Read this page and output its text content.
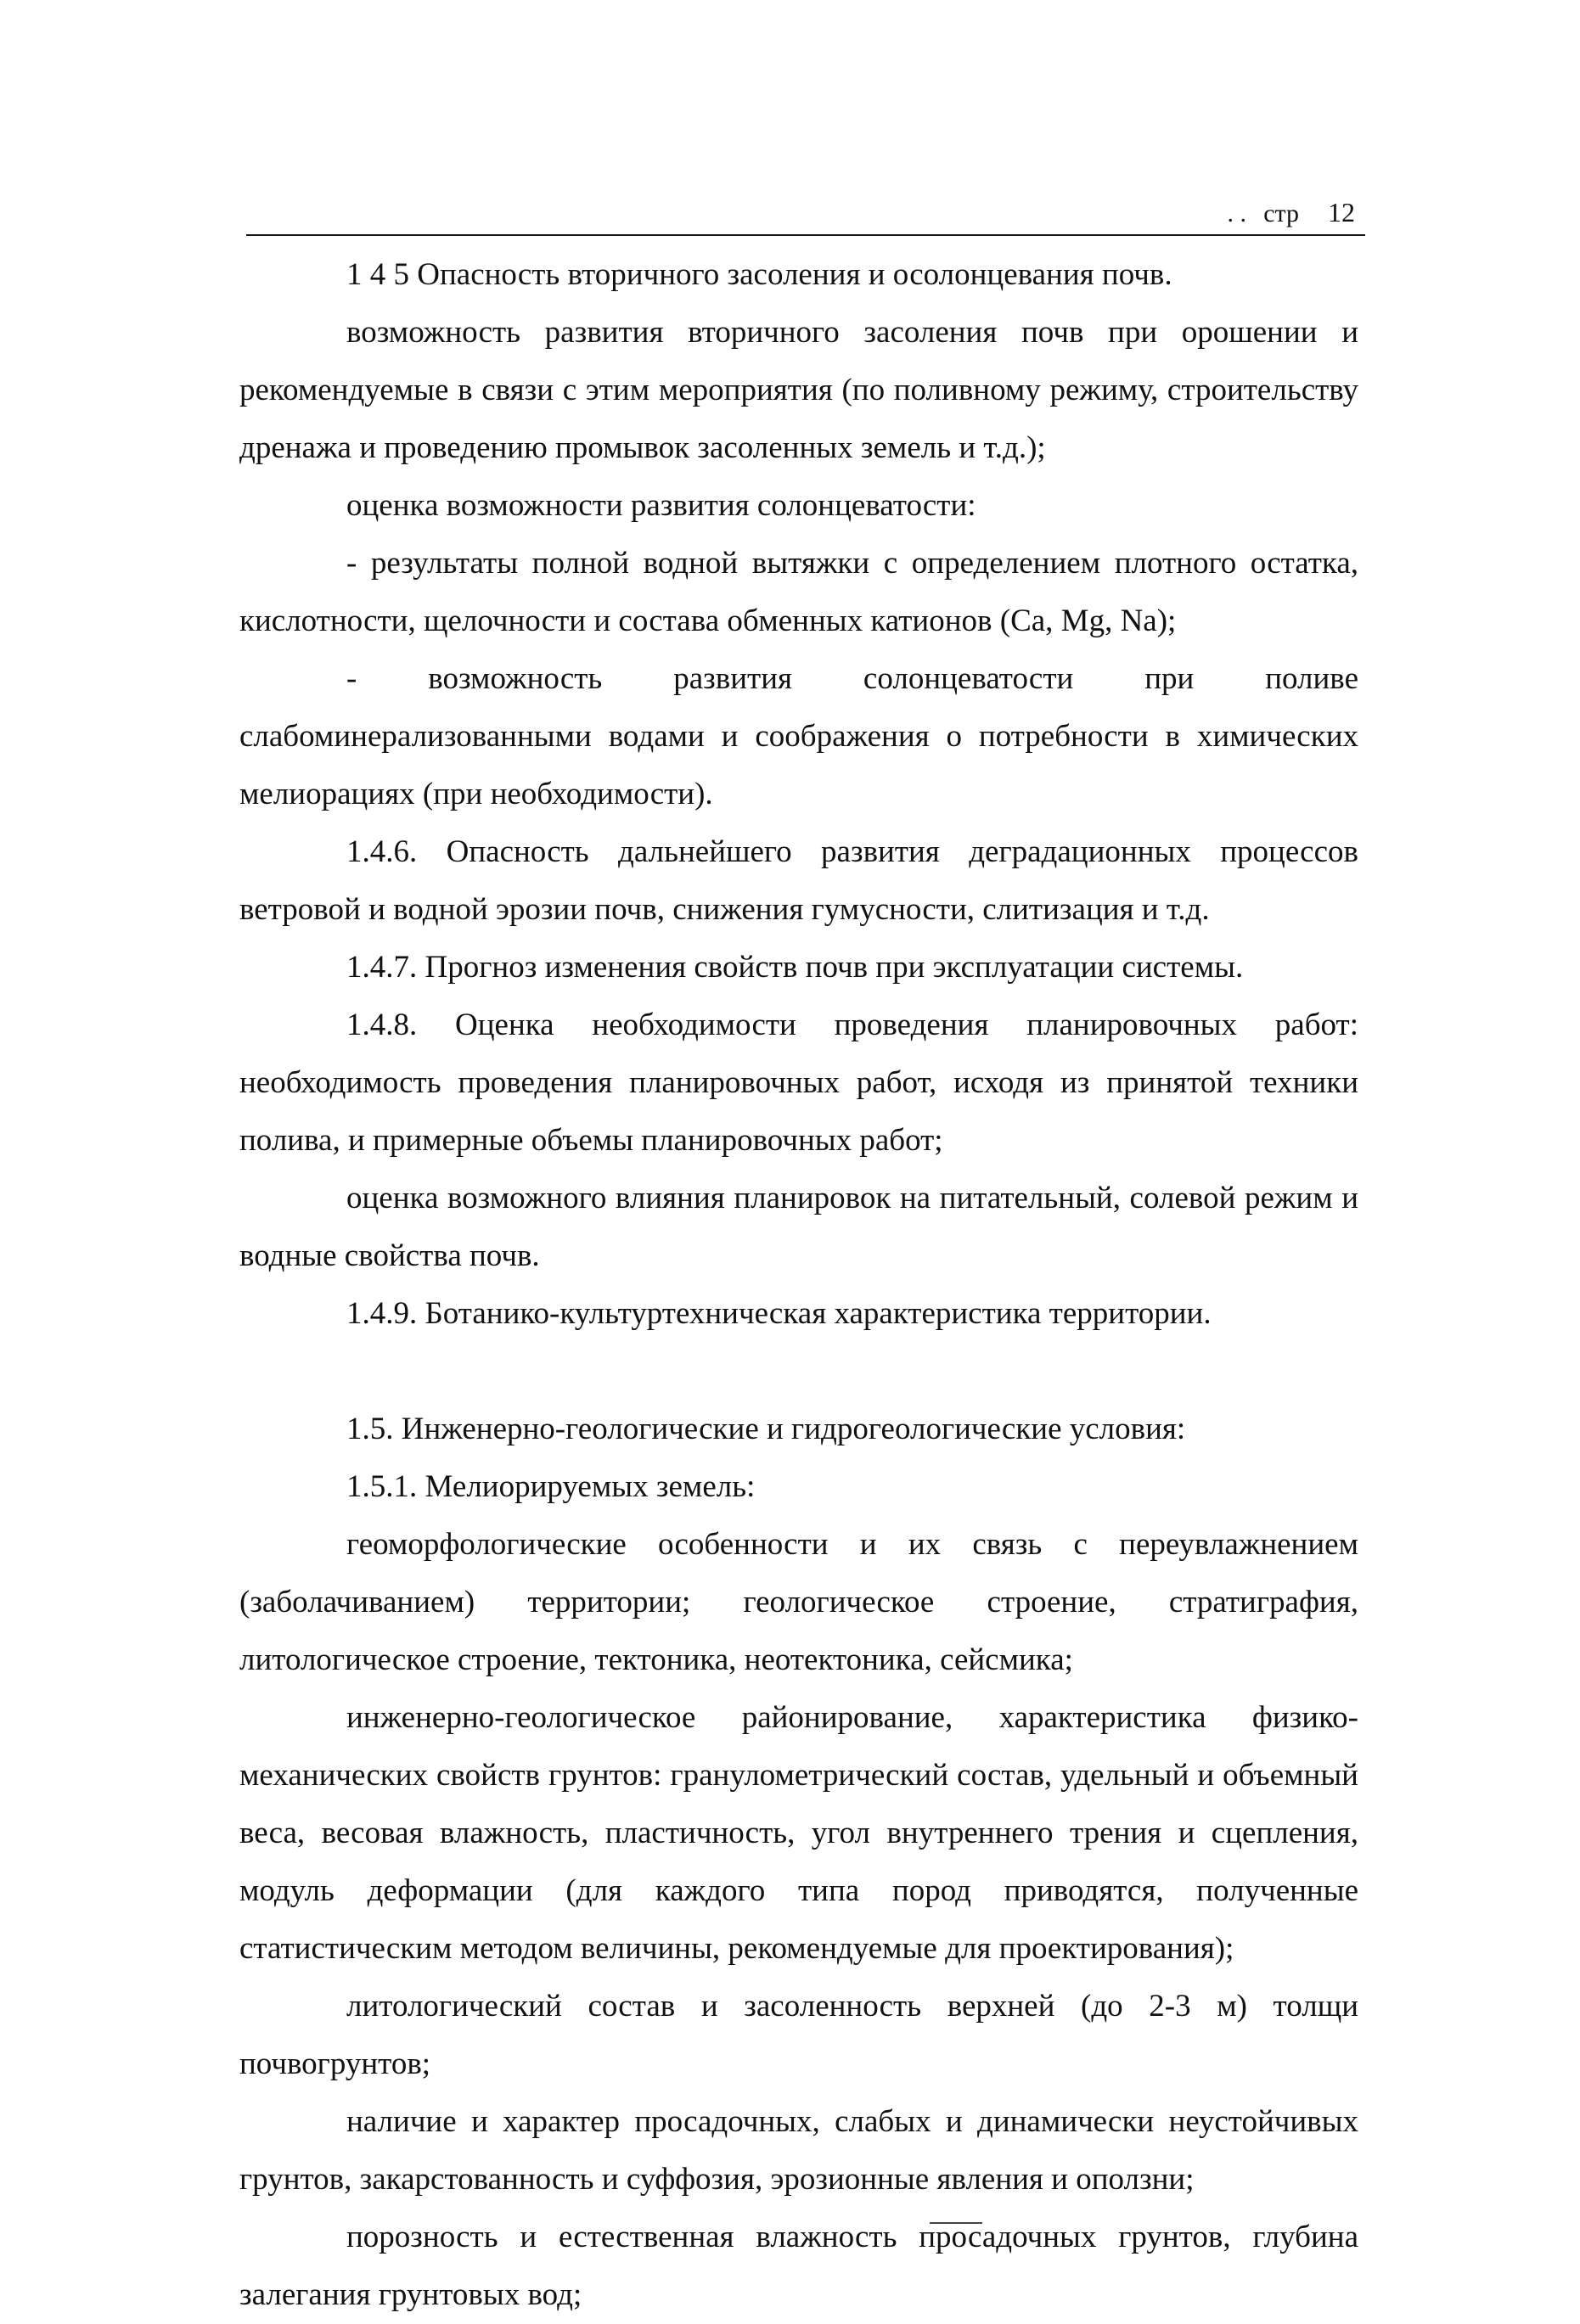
. . стр 12

1 4 5 Опасность вторичного засоления и осолонцевания почв.

возможность развития вторичного засоления почв при орошении и рекомендуемые в связи с этим мероприятия (по поливному режиму, строительству дренажа и проведению промывок засоленных земель и т.д.);

оценка возможности развития солонцеватости:

- результаты полной водной вытяжки с определением плотного остатка, кислотности, щелочности и состава обменных катионов (Ca, Mg, Na);

- возможность развития солонцеватости при поливе слабоминерализованными водами и соображения о потребности в химических мелиорациях (при необходимости).

1.4.6. Опасность дальнейшего развития деградационных процессов ветровой и водной эрозии почв, снижения гумусности, слитизация и т.д.

1.4.7. Прогноз изменения свойств почв при эксплуатации системы.

1.4.8. Оценка необходимости проведения планировочных работ: необходимость проведения планировочных работ, исходя из принятой техники полива, и примерные объемы планировочных работ;

оценка возможного влияния планировок на питательный, солевой режим и водные свойства почв.

1.4.9. Ботанико-культуртехническая характеристика территории.

1.5. Инженерно-геологические и гидрогеологические условия:

1.5.1. Мелиорируемых земель:

геоморфологические особенности и их связь с переувлажнением (заболачиванием) территории; геологическое строение, стратиграфия, литологическое строение, тектоника, неотектоника, сейсмика;

инженерно-геологическое районирование, характеристика физико-механических свойств грунтов: гранулометрический состав, удельный и объемный веса, весовая влажность, пластичность, угол внутреннего трения и сцепления, модуль деформации (для каждого типа пород приводятся, полученные статистическим методом величины, рекомендуемые для проектирования);

литологический состав и засоленность верхней (до 2-3 м) толщи почвогрунтов;

наличие и характер просадочных, слабых и динамически неустойчивых грунтов, закарстованность и суффозия, эрозионные явления и оползни;

порозность и естественная влажность просадочных грунтов, глубина залегания грунтовых вод;
